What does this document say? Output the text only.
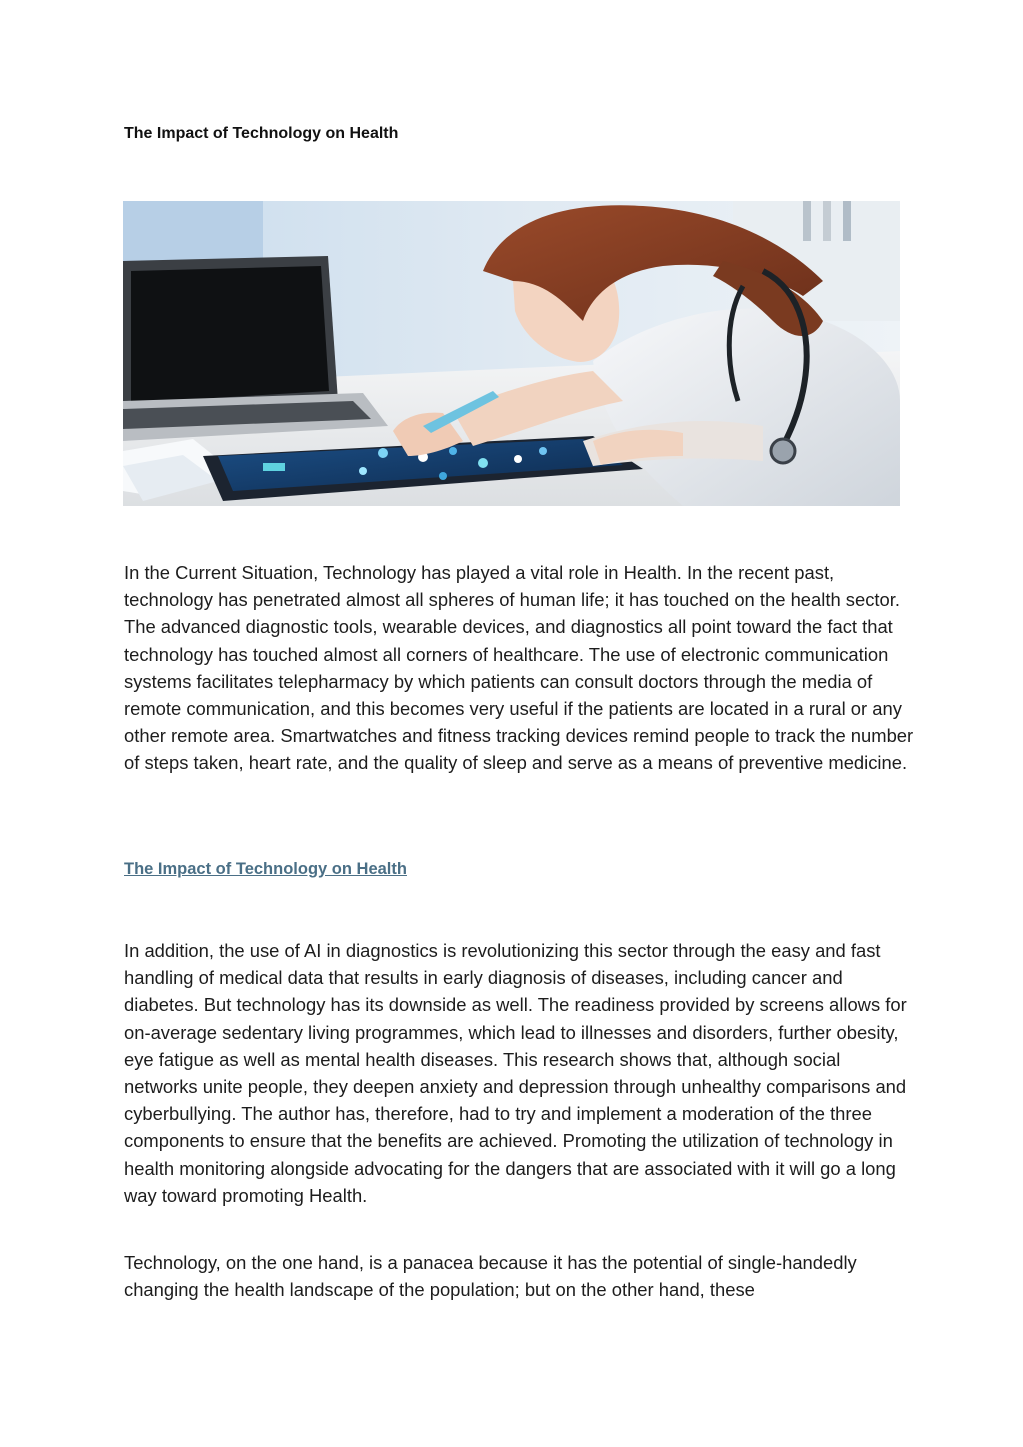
The Impact of Technology on Health

In the Current Situation, Technology has played a vital role in Health. In the recent past, technology has penetrated almost all spheres of human life; it has touched on the health sector. The advanced diagnostic tools, wearable devices, and diagnostics all point toward the fact that technology has touched almost all corners of healthcare. The use of electronic communication systems facilitates telepharmacy by which patients can consult doctors through the media of remote communication, and this becomes very useful if the patients are located in a rural or any other remote area. Smartwatches and fitness tracking devices remind people to track the number of steps taken, heart rate, and the quality of sleep and serve as a means of preventive medicine.

The Impact of Technology on Health

In addition, the use of AI in diagnostics is revolutionizing this sector through the easy and fast handling of medical data that results in early diagnosis of diseases, including cancer and diabetes. But technology has its downside as well. The readiness provided by screens allows for on-average sedentary living programmes, which lead to illnesses and disorders, further obesity, eye fatigue as well as mental health diseases. This research shows that, although social networks unite people, they deepen anxiety and depression through unhealthy comparisons and cyberbullying. The author has, therefore, had to try and implement a moderation of the three components to ensure that the benefits are achieved. Promoting the utilization of technology in health monitoring alongside advocating for the dangers that are associated with it will go a long way toward promoting Health.

Technology, on the one hand, is a panacea because it has the potential of single-handedly changing the health landscape of the population; but on the other hand, these
